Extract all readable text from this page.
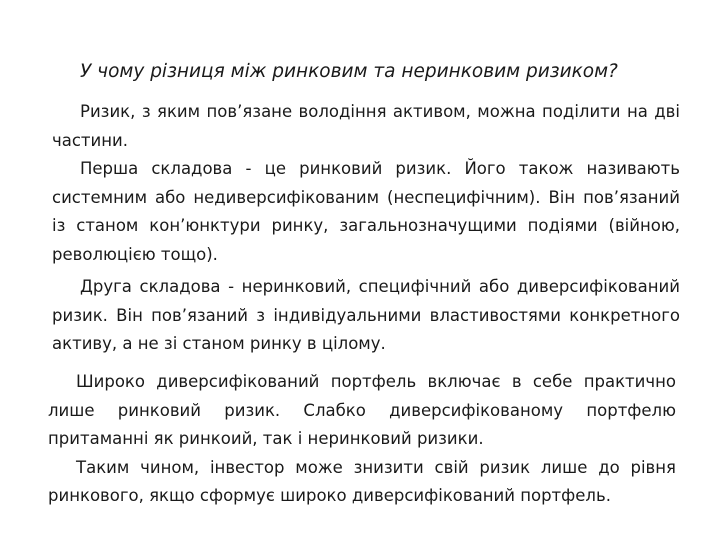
У чому різниця між ринковим та неринковим ризиком?

Ризик, з яким пов’язане володіння активом, можна поділити на дві частини.

Перша складова - це ринковий ризик. Його також називають системним або недиверсифікованим (неспецифічним). Він пов’язаний із станом кон’юнктури ринку, загальнозначущими подіями (війною, революцією тощо).

Друга складова - неринковий, специфічний або диверсифікований ризик. Він пов’язаний з індивідуальними властивостями конкретного активу, а не зі станом ринку в цілому.

Широко диверсифікований портфель включає в себе практично лише ринковий ризик. Слабко диверсифікованому портфелю притаманні як ринкоий, так і неринковий ризики.

Таким чином, інвестор може знизити свій ризик лише до рівня ринкового, якщо сформує широко диверсифікований портфель.
